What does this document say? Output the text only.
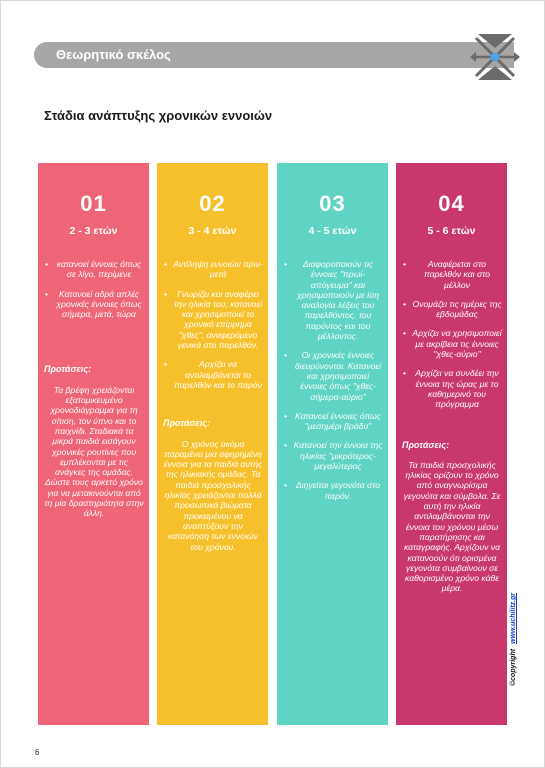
Θεωρητικό σκέλος
Στάδια ανάπτυξης χρονικών εννοιών
01
2 - 3 ετών
• κατανοεί έννοιες όπως σε λίγο, περίμενε
• Κατανοεί αδρά απλές χρονικές έννοιες όπως σήμερα, μετά, τώρα
Προτάσεις:
Τα βρέφη χρειάζονται εξατομικευμένο χρονοδιάγραμμα για τη σίτιση, τον ύπνο και το παιχνίδι. Σταδιακά τα μικρά παιδιά εισάγουν χρονικές ρουτίνες που εμπλέκονται με τις ανάγκες της ομάδας. Δώστε τους αρκετό χρόνο για να μετακινούνται από τη μία δραστηριότητα στην άλλη.
02
3 - 4 ετών
• Αντίληψη εννοιών πριν-μετά
• Γνωρίζει και αναφέρει την ηλικία του, κατανοεί και χρησιμοποιεί το χρονικό επίρρημα "χθες", αναφερόμενο γενικά στο παρελθόν.
• Αρχίζει να αντιλαμβάνεται το παρελθόν και το παρόν
Προτάσεις:
Ο χρόνος ακόμα παραμένει μια αφηρημένη έννοια για τα παιδιά αυτής της ηλικιακής ομάδας. Τα παιδιά προσχολικής ηλικίας χρειάζονται πολλά προσωπικά βιώματα προκειμένου να αναπτύξουν την κατανόηση των εννοιών του χρόνου.
03
4 - 5 ετών
• Διαφοροποιούν τις έννοιες "πρωί-απόγευμα" και χρησιμοποιούν με ίση αναλογία λέξεις του παρελθόντος, του παρόντος και του μέλλοντος.
• Οι χρονικές έννοιες διευρύνονται. Κατανοεί και χρησιμοποιεί έννοιες όπως "χθες-σήμερα-αύριο"
• Κατανοεί έννοιες όπως "μεσημέρι βράδυ"
• Κατανοεί την έννοια της ηλικίας "μικρότερος-μεγαλύτερος
• Διηγείται γεγονότα στο παρόν.
04
5 - 6 ετών
• Αναφέρεται στο παρελθόν και στο μέλλον
• Ονομάζει τις ημέρες της εβδομάδας
• Αρχίζει να χρησιμοποιεί με ακρίβεια τις έννοιες "χθες-αύριο"
• Αρχίζει να συνδέει την έννοια της ώρας με το καθημερινό του πρόγραμμα
Προτάσεις:
Τα παιδιά προσχολικής ηλικίας ορίζουν το χρόνο από αναγνωρίσιμα γεγονότα και σύμβολα. Σε αυτή την ηλικία αντιλαμβάνονται την έννοια του χρόνου μέσω παρατήρησης και καταγραφής. Αρχίζουν να κατανοούν ότι ορισμένα γεγονότα συμβαίνουν σε καθορισμένο χρόνο κάθε μέρα.
©copyright www.uchilitz.gr
6
